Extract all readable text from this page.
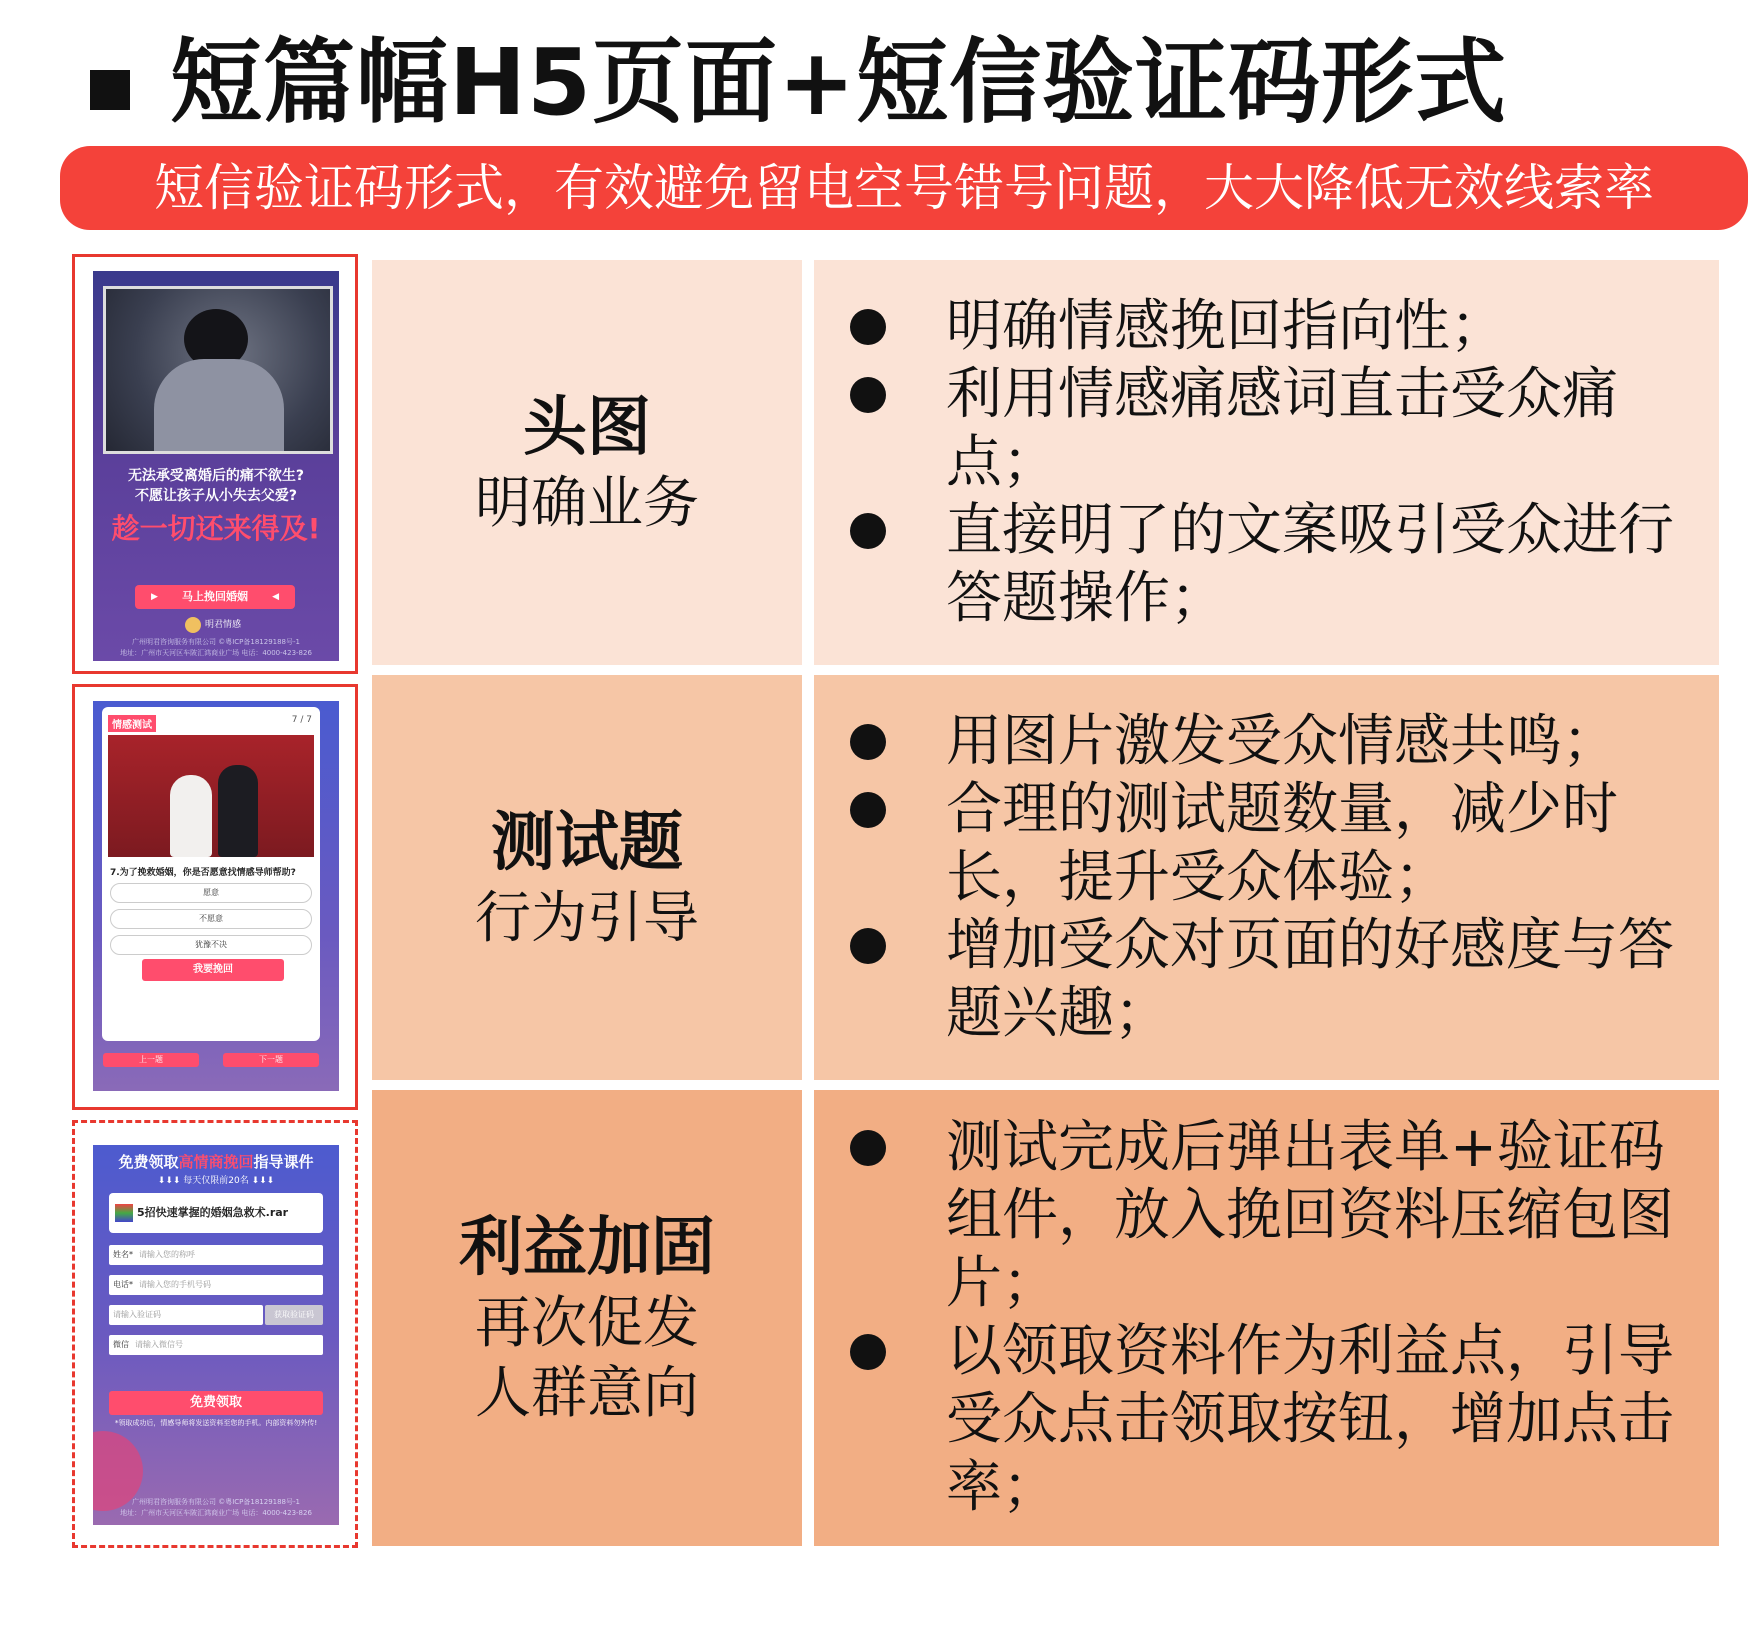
短篇幅H5页面+短信验证码形式
短信验证码形式，有效避免留电空号错号问题，大大降低无效线索率
无法承受离婚后的痛不欲生?
不愿让孩子从小失去父爱?
趁一切还来得及!
▶ 马上挽回婚姻	◀
明君情感
广州明君咨询服务有限公司 ©粤ICP备18129188号-1
地址：广州市天河区车陂汇鸿商业广场 电话：4000-423-826
头图
明确业务
明确情感挽回指向性；
利用情感痛感词直击受众痛点；
直接明了的文案吸引受众进行答题操作；
情感测试	7 / 7
7.为了挽救婚姻，你是否愿意找情感导师帮助?
愿意
不愿意
犹豫不决
我要挽回
上一题	下一题
测试题
行为引导
用图片激发受众情感共鸣；
合理的测试题数量，减少时长，提升受众体验；
增加受众对页面的好感度与答题兴趣；
免费领取高情商挽回指导课件
⬇⬇⬇ 每天仅限前20名 ⬇⬇⬇
5招快速掌握的婚姻急救术.rar
姓名* 请输入您的称呼
电话* 请输入您的手机号码
请输入验证码	获取验证码
微信 请输入微信号
免费领取
*领取成功后，情感导师将发送资料至您的手机。内部资料勿外传!
广州明君咨询服务有限公司 ©粤ICP备18129188号-1
地址：广州市天河区车陂汇鸿商业广场 电话：4000-423-826
利益加固
再次促发人群意向
测试完成后弹出表单+验证码组件，放入挽回资料压缩包图片；
以领取资料作为利益点，引导受众点击领取按钮，增加点击率；
